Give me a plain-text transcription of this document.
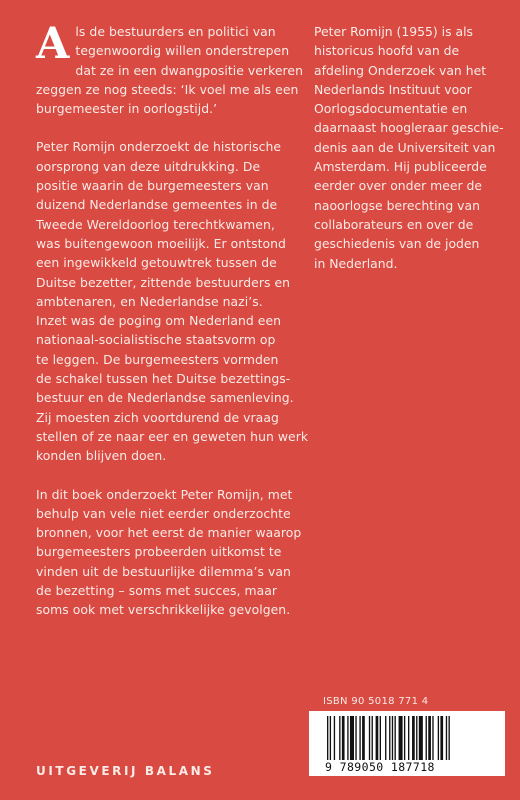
A ls de bestuurders en politici van
tegenwoordig willen onderstrepen
dat ze in een dwangpositie verkeren
zeggen ze nog steeds: ‘Ik voel me als een
burgemeester in oorlogstijd.’
Peter Romijn onderzoekt de historische
oorsprong van deze uitdrukking. De
positie waarin de burgemeesters van
duizend Nederlandse gemeentes in de
Tweede Wereldoorlog terechtkwamen,
was buitengewoon moeilijk. Er ontstond
een ingewikkeld getouwtrek tussen de
Duitse bezetter, zittende bestuurders en
ambtenaren, en Nederlandse nazi’s.
Inzet was de poging om Nederland een
nationaal-socialistische staatsvorm op
te leggen. De burgemeesters vormden
de schakel tussen het Duitse bezettings-
bestuur en de Nederlandse samenleving.
Zij moesten zich voortdurend de vraag
stellen of ze naar eer en geweten hun werk
konden blijven doen.
In dit boek onderzoekt Peter Romijn, met
behulp van vele niet eerder onderzochte
bronnen, voor het eerst de manier waarop
burgemeesters probeerden uitkomst te
vinden uit de bestuurlijke dilemma’s van
de bezetting – soms met succes, maar
soms ook met verschrikkelijke gevolgen.
Peter Romijn (1955) is als
historicus hoofd van de
afdeling Onderzoek van het
Nederlands Instituut voor
Oorlogsdocumentatie en
daarnaast hoogleraar geschie-
denis aan de Universiteit van
Amsterdam. Hij publiceerde
eerder over onder meer de
naoorlogse berechting van
collaborateurs en over de
geschiedenis van de joden
in Nederland.
ISBN 90 5018 771 4
9 789050 187718
UITGEVERIJ BALANS
